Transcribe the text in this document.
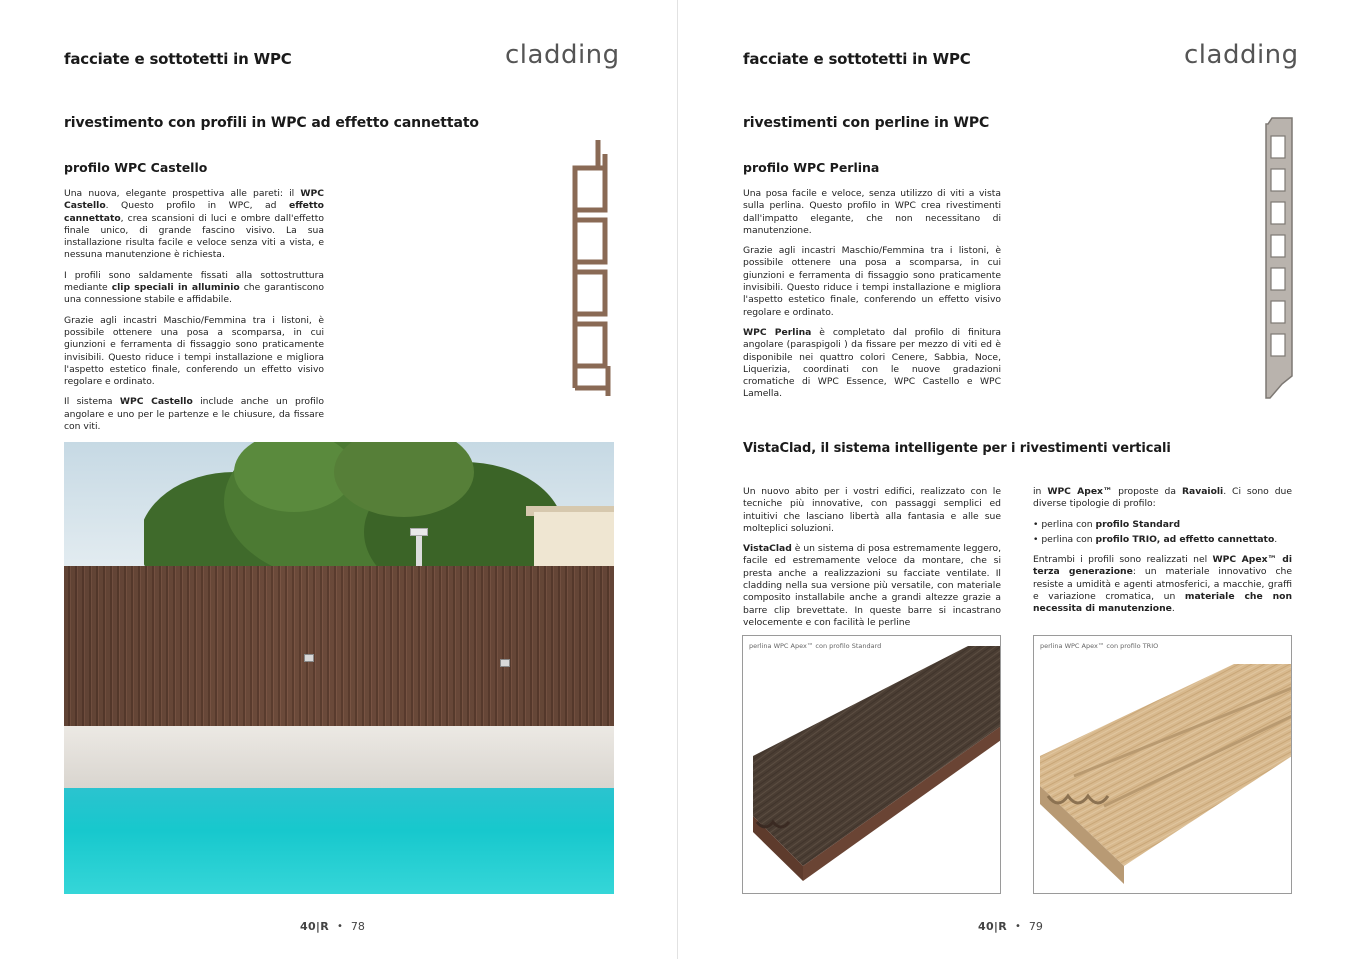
facciate e sottotetti in WPC	cladding
rivestimento con profili in WPC ad effetto cannettato
profilo WPC Castello

Una nuova, elegante prospettiva alle pareti: il WPC Castello. Questo profilo in WPC, ad effetto cannettato, crea scansioni di luci e ombre dall'effetto finale unico, di grande fascino visivo. La sua installazione risulta facile e veloce senza viti a vista, e nessuna manutenzione è richiesta.

I profili sono saldamente fissati alla sottostruttura mediante clip speciali in alluminio che garantiscono una connessione stabile e affidabile.

Grazie agli incastri Maschio/Femmina tra i listoni, è possibile ottenere una posa a scomparsa, in cui giunzioni e ferramenta di fissaggio sono praticamente invisibili. Questo riduce i tempi installazione e migliora l'aspetto estetico finale, conferendo un effetto visivo regolare e ordinato.

Il sistema WPC Castello include anche un profilo angolare e uno per le partenze e le chiusure, da fissare con viti.

40|R • 78
facciate e sottotetti in WPC	cladding
rivestimenti con perline in WPC
profilo WPC Perlina

Una posa facile e veloce, senza utilizzo di viti a vista sulla perlina. Questo profilo in WPC crea rivestimenti dall'impatto elegante, che non necessitano di manutenzione.

Grazie agli incastri Maschio/Femmina tra i listoni, è possibile ottenere una posa a scomparsa, in cui giunzioni e ferramenta di fissaggio sono praticamente invisibili. Questo riduce i tempi installazione e migliora l'aspetto estetico finale, conferendo un effetto visivo regolare e ordinato.

WPC Perlina è completato dal profilo di finitura angolare (paraspigoli ) da fissare per mezzo di viti ed è disponibile nei quattro colori Cenere, Sabbia, Noce, Liquerizia, coordinati con le nuove gradazioni cromatiche di WPC Essence, WPC Castello e WPC Lamella.

VistaClad, il sistema intelligente per i rivestimenti verticali

Un nuovo abito per i vostri edifici, realizzato con le tecniche più innovative, con passaggi semplici ed intuitivi che lasciano libertà alla fantasia e alle sue molteplici soluzioni.

VistaClad è un sistema di posa estremamente leggero, facile ed estremamente veloce da montare, che si presta anche a realizzazioni su facciate ventilate. Il cladding nella sua versione più versatile, con materiale composito installabile anche a grandi altezze grazie a barre clip brevettate. In queste barre si incastrano velocemente e con facilità le perline

in WPC Apex™ proposte da Ravaioli. Ci sono due diverse tipologie di profilo:

• perlina con profilo Standard
• perlina con profilo TRIO, ad effetto cannettato.

Entrambi i profili sono realizzati nel WPC Apex™ di terza generazione: un materiale innovativo che resiste a umidità e agenti atmosferici, a macchie, graffi e variazione cromatica, un materiale che non necessita di manutenzione.

perlina WPC Apex™ con profilo Standard	perlina WPC Apex™ con profilo TRIO
40|R • 79
